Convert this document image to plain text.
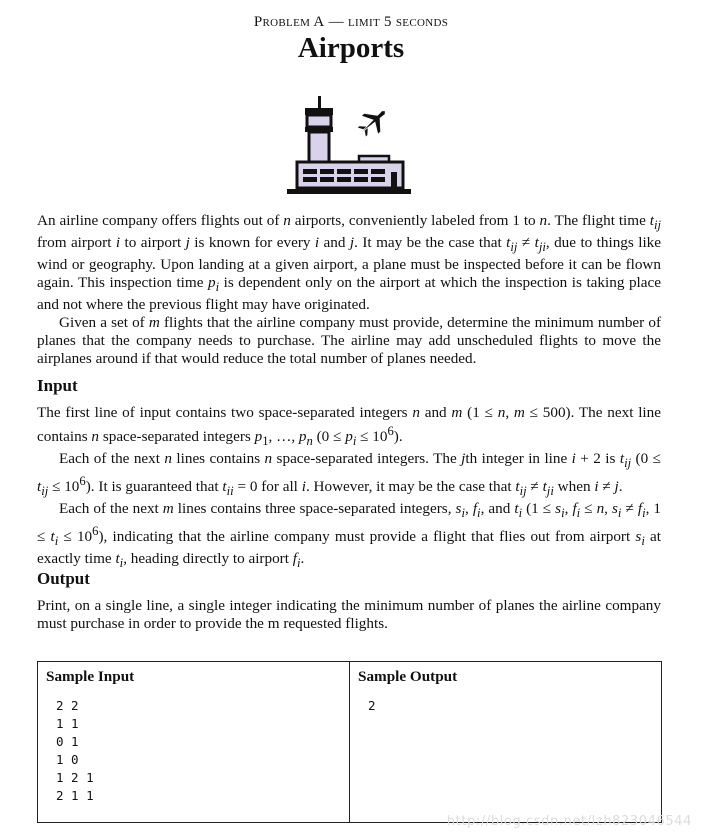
Problem A — limit 5 seconds
Airports

An airline company offers flights out of n airports, conveniently labeled from 1 to n. The flight time $t_{ij}$ from airport i to airport j is known for every i and j. It may be the case that $t_{ij} \ne t_{ji}$, due to things like wind or geography. Upon landing at a given airport, a plane must be inspected before it can be flown again. This inspection time $p_i$ is dependent only on the airport at which the inspection is taking place and not where the previous flight may have originated.

Given a set of m flights that the airline company must provide, determine the minimum number of planes that the company needs to purchase. The airline may add unscheduled flights to move the airplanes around if that would reduce the total number of planes needed.

Input

The first line of input contains two space-separated integers n and m (1 ≤ n, m ≤ 500). The next line contains n space-separated integers $p_1$, …, $p_n$ $(0 \le p_i \le 10^6)$.

Each of the next n lines contains n space-separated integers. The jth integer in line i + 2 is $t_{ij}$ $(0 \le t_{ij} \le 10^6)$. It is guaranteed that $t_{ii} = 0$ for all i. However, it may be the case that $t_{ij} \ne t_{ji}$ when i ≠ j.

Each of the next m lines contains three space-separated integers, $s_i$, $f_i$, and $t_i$ ($1 \le s_i$, $f_i \le n$, $s_i \ne f_i$, $1 \le t_i \le 10^6$), indicating that the airline company must provide a flight that flies out from airport $s_i$ at exactly time $t_i$, heading directly to airport $f_i$.

Output

Print, on a single line, a single integer indicating the minimum number of planes the airline company must purchase in order to provide the m requested flights.

Sample Input
2 2
1 1
0 1
1 0
1 2 1
2 1 1
Sample Output
2
http://blog.csdn.net/lzh823046544
